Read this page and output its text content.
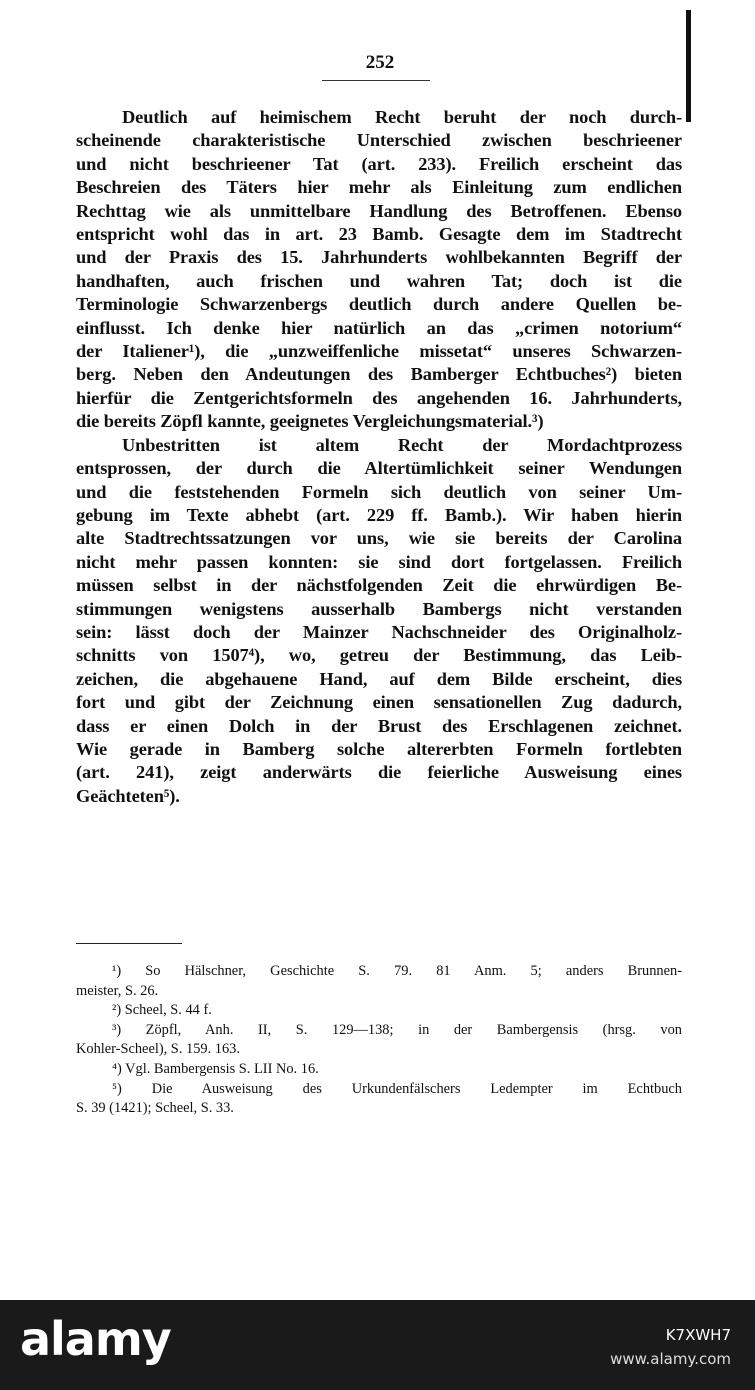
252
Deutlich auf heimischem Recht beruht der noch durch-
scheinende charakteristische Unterschied zwischen beschrieener
und nicht beschrieener Tat (art. 233). Freilich erscheint das
Beschreien des Täters hier mehr als Einleitung zum endlichen
Rechttag wie als unmittelbare Handlung des Betroffenen. Ebenso
entspricht wohl das in art. 23 Bamb. Gesagte dem im Stadtrecht
und der Praxis des 15. Jahrhunderts wohlbekannten Begriff der
handhaften, auch frischen und wahren Tat; doch ist die
Terminologie Schwarzenbergs deutlich durch andere Quellen be-
einflusst. Ich denke hier natürlich an das „crimen notorium“
der Italiener¹), die „unzweiffenliche missetat“ unseres Schwarzen-
berg. Neben den Andeutungen des Bamberger Echtbuches²) bieten
hierfür die Zentgerichtsformeln des angehenden 16. Jahrhunderts,
die bereits Zöpfl kannte, geeignetes Vergleichungsmaterial.³)
Unbestritten ist altem Recht der Mordachtprozess
entsprossen, der durch die Altertümlichkeit seiner Wendungen
und die feststehenden Formeln sich deutlich von seiner Um-
gebung im Texte abhebt (art. 229 ff. Bamb.). Wir haben hierin
alte Stadtrechtssatzungen vor uns, wie sie bereits der Carolina
nicht mehr passen konnten: sie sind dort fortgelassen. Freilich
müssen selbst in der nächstfolgenden Zeit die ehrwürdigen Be-
stimmungen wenigstens ausserhalb Bambergs nicht verstanden
sein: lässt doch der Mainzer Nachschneider des Originalholz-
schnitts von 1507⁴), wo, getreu der Bestimmung, das Leib-
zeichen, die abgehauene Hand, auf dem Bilde erscheint, dies
fort und gibt der Zeichnung einen sensationellen Zug dadurch,
dass er einen Dolch in der Brust des Erschlagenen zeichnet.
Wie gerade in Bamberg solche altererbten Formeln fortlebten
(art. 241), zeigt anderwärts die feierliche Ausweisung eines
Geächteten⁵).
¹) So Hälschner, Geschichte S. 79. 81 Anm. 5; anders Brunnen-
meister, S. 26.
²) Scheel, S. 44 f.
³) Zöpfl, Anh. II, S. 129—138; in der Bambergensis (hrsg. von
Kohler-Scheel), S. 159. 163.
⁴) Vgl. Bambergensis S. LII No. 16.
⁵) Die Ausweisung des Urkundenfälschers Ledempter im Echtbuch
S. 39 (1421); Scheel, S. 33.
alamy	K7XWH7
www.alamy.com
